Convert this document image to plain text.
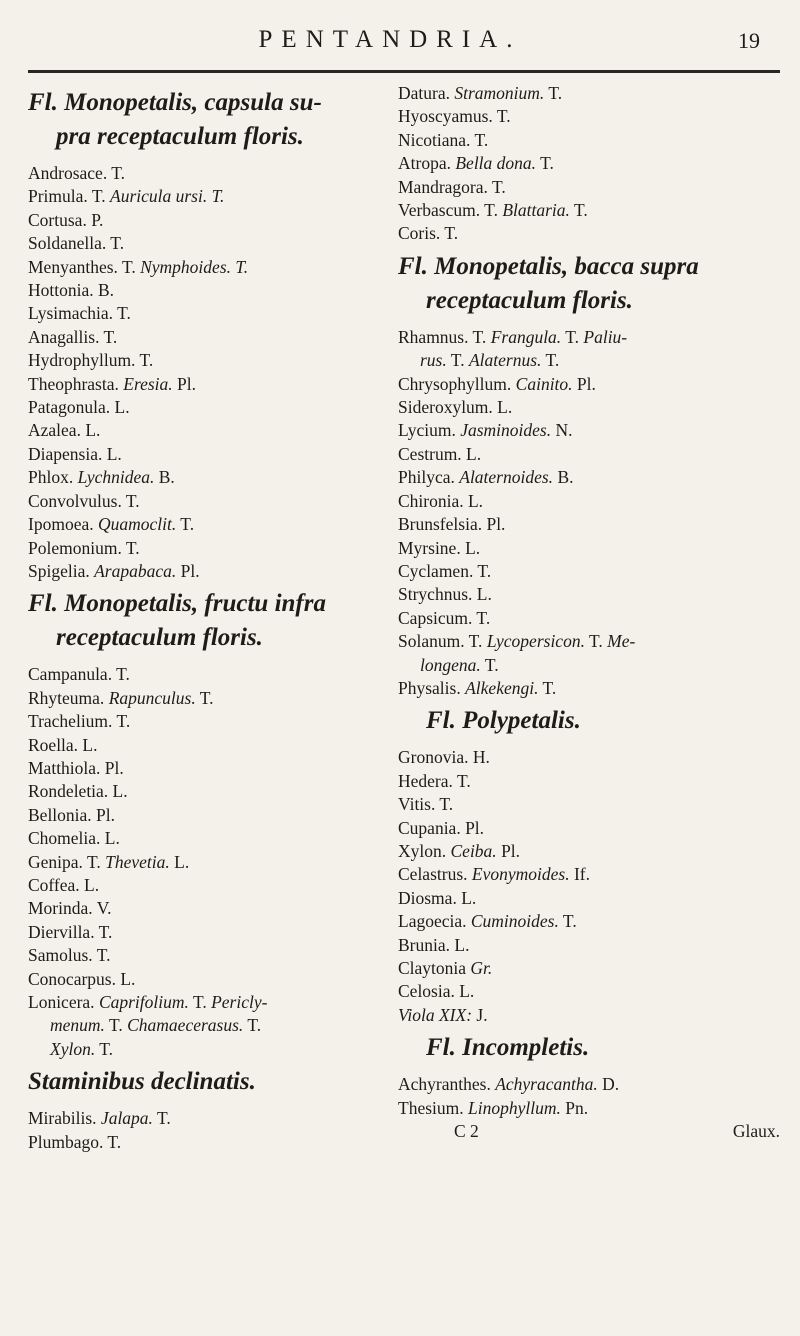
PENTANDRIA.	19
Fl. Monopetalis, capsula su-
pra receptaculum floris.
Androsace. T.
Primula. T. Auricula ursi. T.
Cortusa. P.
Soldanella. T.
Menyanthes. T. Nymphoides. T.
Hottonia. B.
Lysimachia. T.
Anagallis. T.
Hydrophyllum. T.
Theophrasta. Eresia. Pl.
Patagonula. L.
Azalea. L.
Diapensia. L.
Phlox. Lychnidea. B.
Convolvulus. T.
Ipomoea. Quamoclit. T.
Polemonium. T.
Spigelia. Arapabaca. Pl.
Fl. Monopetalis, fructu infra
receptaculum floris.
Campanula. T.
Rhyteuma. Rapunculus. T.
Trachelium. T.
Roella. L.
Matthiola. Pl.
Rondeletia. L.
Bellonia. Pl.
Chomelia. L.
Genipa. T. Thevetia. L.
Coffea. L.
Morinda. V.
Diervilla. T.
Samolus. T.
Conocarpus. L.
Lonicera. Caprifolium. T. Pericly-
menum. T. Chamaecerasus. T.
Xylon. T.
Staminibus declinatis.
Mirabilis. Jalapa. T.
Plumbago. T.
Datura. Stramonium. T.
Hyoscyamus. T.
Nicotiana. T.
Atropa. Bella dona. T.
Mandragora. T.
Verbascum. T. Blattaria. T.
Coris. T.
Fl. Monopetalis, bacca supra
receptaculum floris.
Rhamnus. T. Frangula. T. Paliu-
rus. T. Alaternus. T.
Chrysophyllum. Cainito. Pl.
Sideroxylum. L.
Lycium. Jasminoides. N.
Cestrum. L.
Philyca. Alaternoides. B.
Chironia. L.
Brunsfelsia. Pl.
Myrsine. L.
Cyclamen. T.
Strychnus. L.
Capsicum. T.
Solanum. T. Lycopersicon. T. Me-
longena. T.
Physalis. Alkekengi. T.
Fl. Polypetalis.
Gronovia. H.
Hedera. T.
Vitis. T.
Cupania. Pl.
Xylon. Ceiba. Pl.
Celastrus. Evonymoides. If.
Diosma. L.
Lagoecia. Cuminoides. T.
Brunia. L.
Claytonia Gr.
Celosia. L.
Viola XIX: J.
Fl. Incompletis.
Achyranthes. Achyracantha. D.
Thesium. Linophyllum. Pn.
C 2	Glaux.
